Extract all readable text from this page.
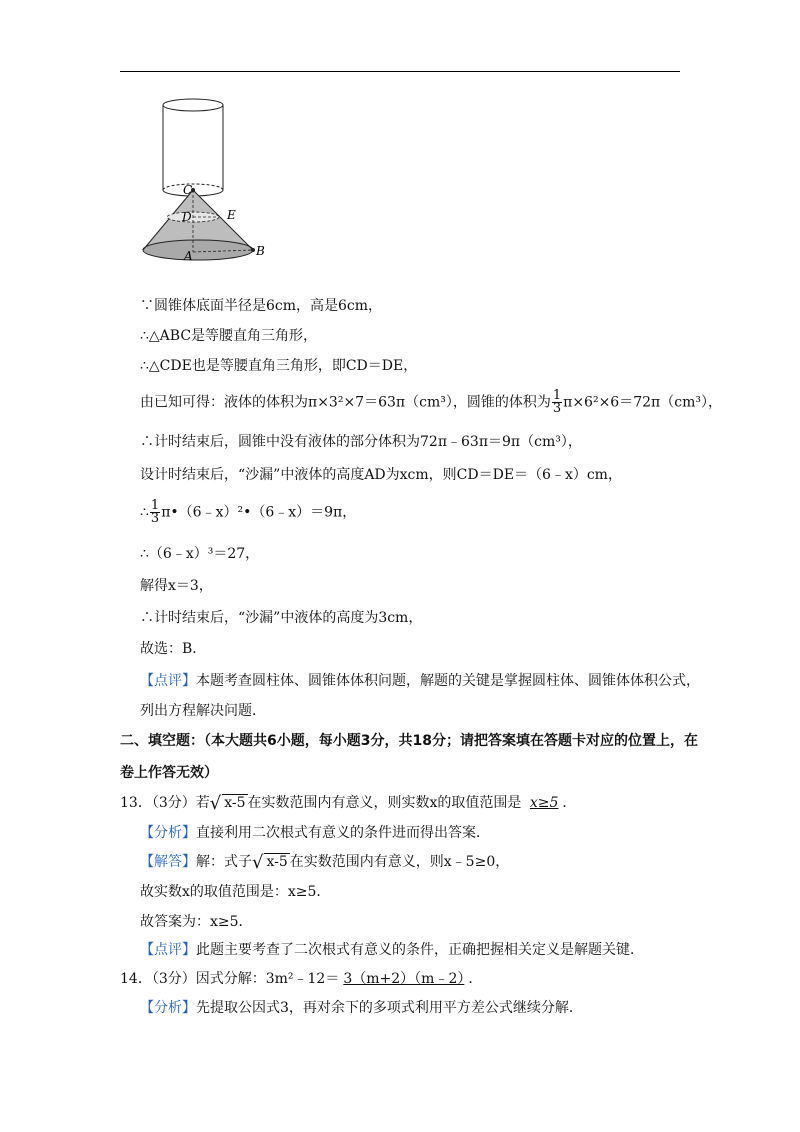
C
D	E
A	B
∵圆锥体底面半径是6cm，高是6cm，
∴△ABC是等腰直角三角形，
∴△CDE也是等腰直角三角形，即CD＝DE，
由已知可得：液体的体积为π×3²×7＝63π（cm³），圆锥的体积为 $\frac{1}{3} \pi\times 6^2\times 6=72\pi(cm^3)$，
∴计时结束后，圆锥中没有液体的部分体积为72π﹣63π＝9π（cm³），
设计时结束后，“沙漏”中液体的高度AD为xcm，则CD＝DE＝（6﹣x）cm，
∴ $\frac{1}{3}$ π•（6﹣x）²•（6﹣x）＝9π，
∴（6﹣x）³＝27，
解得x＝3，
∴计时结束后，“沙漏”中液体的高度为3cm，
故选：B．
【点评】本题考查圆柱体、圆锥体体积问题，解题的关键是掌握圆柱体、圆锥体体积公式，
列出方程解决问题．
二、填空题：（本大题共6小题，每小题3分，共18分；请把答案填在答题卡对应的位置上，在
卷上作答无效）
13．（3分）若√ x-5 在实数范围内有意义，则实数x的取值范围是 x≥5 ．
【分析】直接利用二次根式有意义的条件进而得出答案．
【解答】解：式子√ x-5 在实数范围内有意义，则x﹣5≥0，
故实数x的取值范围是：x≥5．
故答案为：x≥5．
【点评】此题主要考查了二次根式有意义的条件，正确把握相关定义是解题关键．
14．（3分）因式分解：3m²﹣12＝ 3（m+2）（m﹣2） ．
【分析】先提取公因式3，再对余下的多项式利用平方差公式继续分解．
